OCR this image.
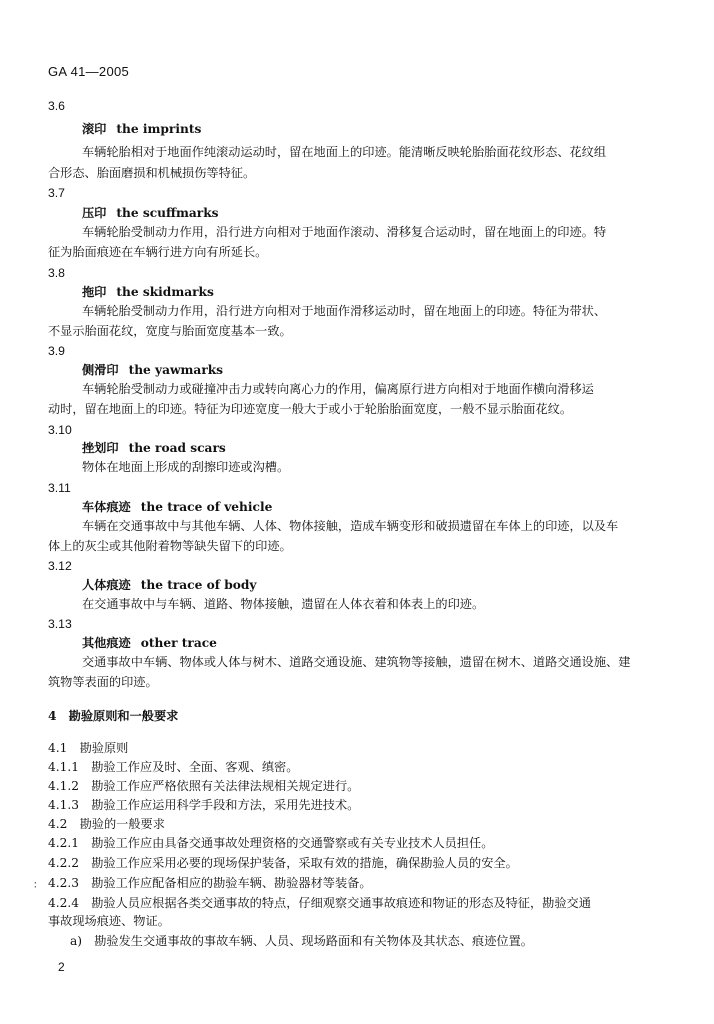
GA 41—2005
3.6
滚印 the imprints
车辆轮胎相对于地面作纯滚动运动时，留在地面上的印迹。能清晰反映轮胎胎面花纹形态、花纹组
合形态、胎面磨损和机械损伤等特征。
3.7
压印 the scuffmarks
车辆轮胎受制动力作用，沿行进方向相对于地面作滚动、滑移复合运动时，留在地面上的印迹。特
征为胎面痕迹在车辆行进方向有所延长。
3.8
拖印 the skidmarks
车辆轮胎受制动力作用，沿行进方向相对于地面作滑移运动时，留在地面上的印迹。特征为带状、
不显示胎面花纹，宽度与胎面宽度基本一致。
3.9
侧滑印 the yawmarks
车辆轮胎受制动力或碰撞冲击力或转向离心力的作用，偏离原行进方向相对于地面作横向滑移运
动时，留在地面上的印迹。特征为印迹宽度一般大于或小于轮胎胎面宽度，一般不显示胎面花纹。
3.10
挫划印 the road scars
物体在地面上形成的刮擦印迹或沟槽。
3.11
车体痕迹 the trace of vehicle
车辆在交通事故中与其他车辆、人体、物体接触，造成车辆变形和破损遗留在车体上的印迹，以及车
体上的灰尘或其他附着物等缺失留下的印迹。
3.12
人体痕迹 the trace of body
在交通事故中与车辆、道路、物体接触，遗留在人体衣着和体表上的印迹。
3.13
其他痕迹 other trace
交通事故中车辆、物体或人体与树木、道路交通设施、建筑物等接触，遗留在树木、道路交通设施、建
筑物等表面的印迹。
4　勘验原则和一般要求
4.1　勘验原则
4.1.1　勘验工作应及时、全面、客观、缜密。
4.1.2　勘验工作应严格依照有关法律法规相关规定进行。
4.1.3　勘验工作应运用科学手段和方法，采用先进技术。
4.2　勘验的一般要求
4.2.1　勘验工作应由具备交通事故处理资格的交通警察或有关专业技术人员担任。
4.2.2　勘验工作应采用必要的现场保护装备，采取有效的措施，确保勘验人员的安全。
4.2.3　勘验工作应配备相应的勘验车辆、勘验器材等装备。
4.2.4　勘验人员应根据各类交通事故的特点，仔细观察交通事故痕迹和物证的形态及特征，勘验交通
事故现场痕迹、物证。
a)　勘验发生交通事故的事故车辆、人员、现场路面和有关物体及其状态、痕迹位置。
：
2
